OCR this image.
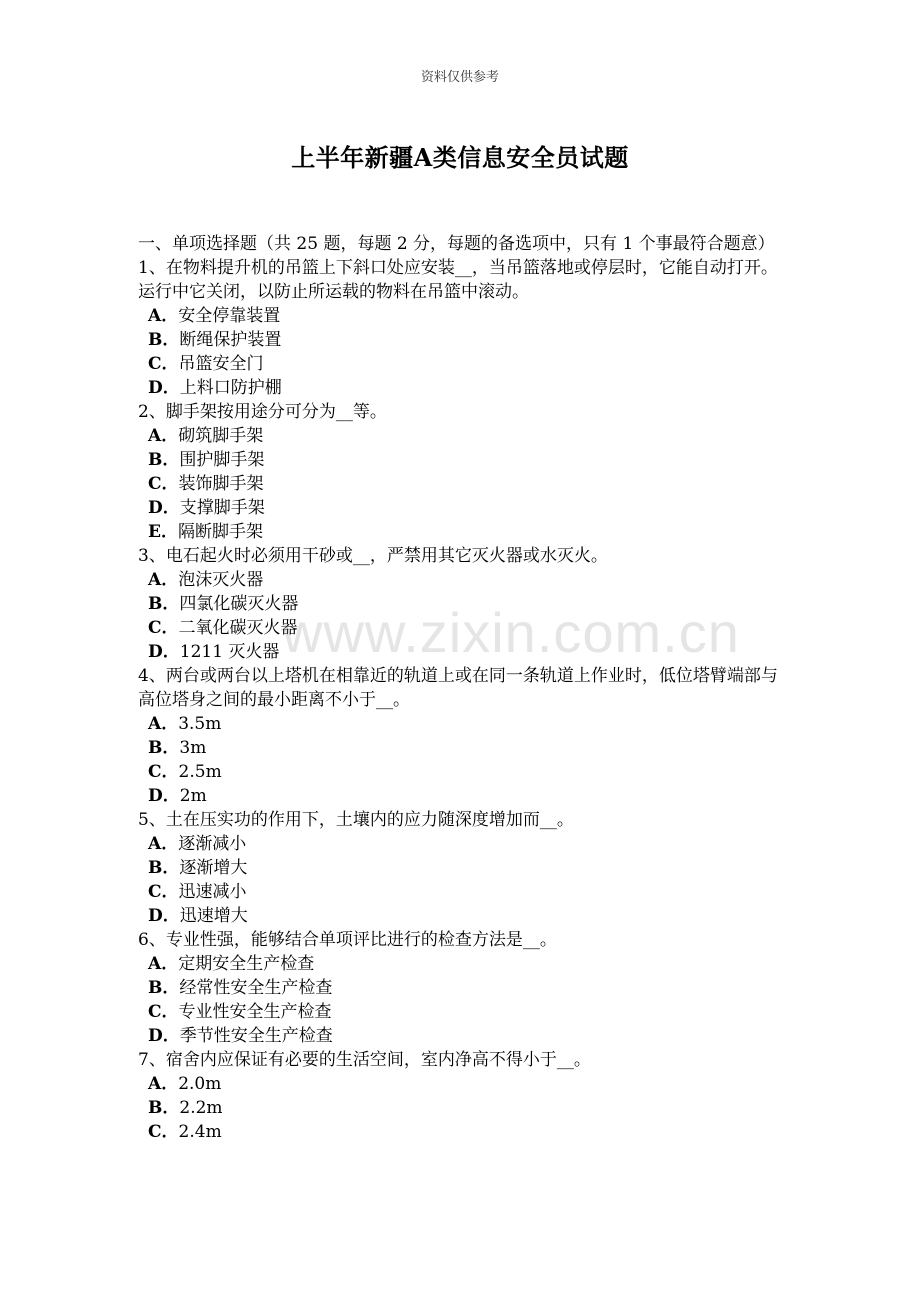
资料仅供参考
上半年新疆A类信息安全员试题
一、单项选择题（共 25 题，每题 2 分，每题的备选项中，只有 1 个事最符合题意）
1、在物料提升机的吊篮上下斜口处应安装__，当吊篮落地或停层时，它能自动打开。运行中它关闭，以防止所运载的物料在吊篮中滚动。
A．安全停靠装置
B．断绳保护装置
C．吊篮安全门
D．上料口防护棚
2、脚手架按用途分可分为__等。
A．砌筑脚手架
B．围护脚手架
C．装饰脚手架
D．支撑脚手架
E．隔断脚手架
3、电石起火时必须用干砂或__，严禁用其它灭火器或水灭火。
A．泡沫灭火器
B．四氯化碳灭火器
C．二氧化碳灭火器
D．1211 灭火器
4、两台或两台以上塔机在相靠近的轨道上或在同一条轨道上作业时，低位塔臂端部与高位塔身之间的最小距离不小于__。
A．3.5m
B．3m
C．2.5m
D．2m
5、土在压实功的作用下，土壤内的应力随深度增加而__。
A．逐渐减小
B．逐渐增大
C．迅速减小
D．迅速增大
6、专业性强，能够结合单项评比进行的检查方法是__。
A．定期安全生产检查
B．经常性安全生产检查
C．专业性安全生产检查
D．季节性安全生产检查
7、宿舍内应保证有必要的生活空间，室内净高不得小于__。
A．2.0m
B．2.2m
C．2.4m
www.zixin.com.cn
